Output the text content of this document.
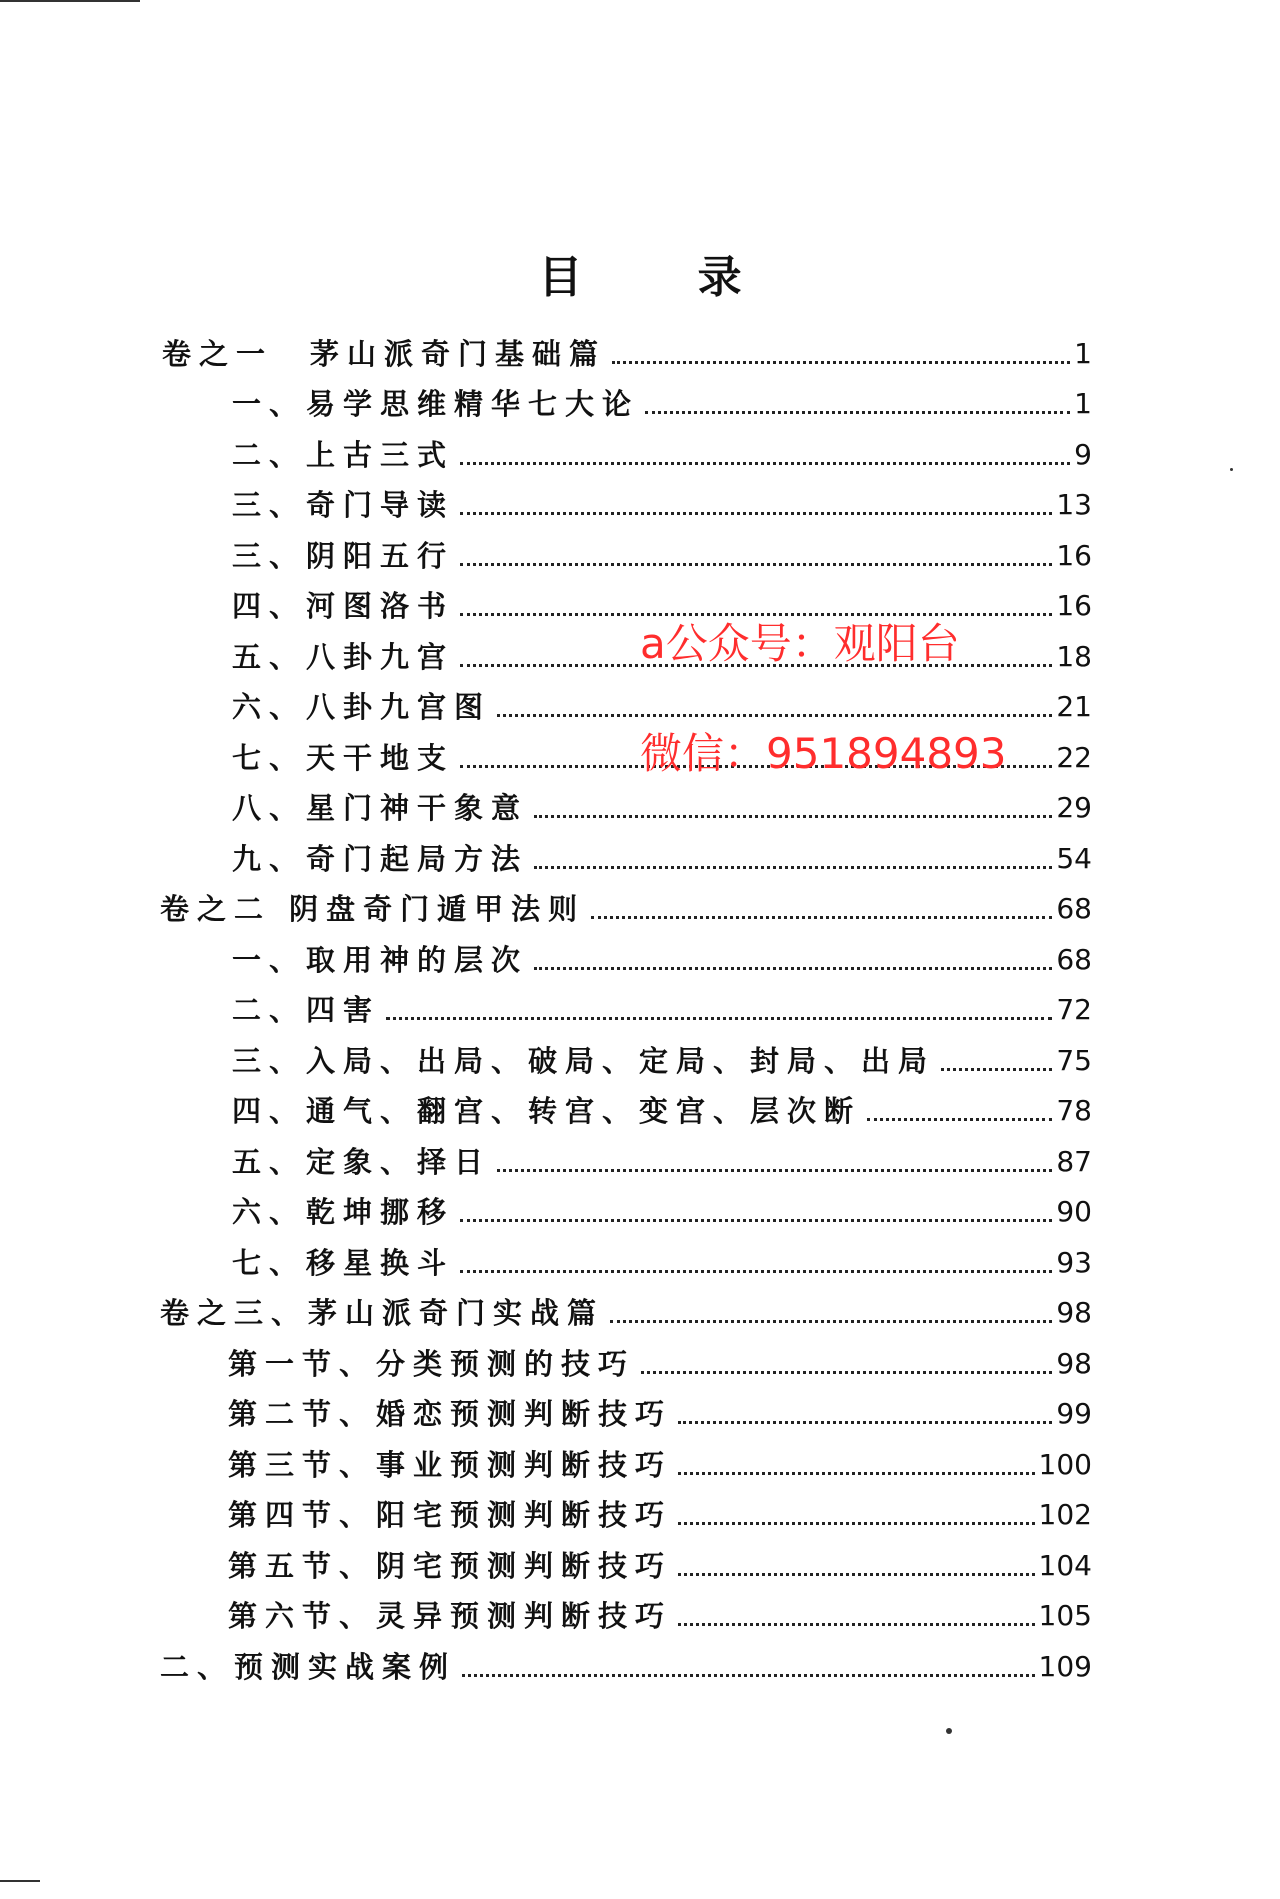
目 录
卷之一　茅山派奇门基础篇	1
一、易学思维精华七大论	1
二、上古三式	9
三、奇门导读	13
三、阴阳五行	16
四、河图洛书	16
五、八卦九宫	18
六、八卦九宫图	21
七、天干地支	22
八、星门神干象意	29
九、奇门起局方法	54
卷之二 阴盘奇门遁甲法则	68
一、取用神的层次	68
二、四害	72
三、入局、出局、破局、定局、封局、出局	75
四、通气、翻宫、转宫、变宫、层次断	78
五、定象、择日	87
六、乾坤挪移	90
七、移星换斗	93
卷之三、茅山派奇门实战篇	98
第一节、分类预测的技巧	98
第二节、婚恋预测判断技巧	99
第三节、事业预测判断技巧	100
第四节、阳宅预测判断技巧	102
第五节、阴宅预测判断技巧	104
第六节、灵异预测判断技巧	105
二、预测实战案例	109
a公众号：观阳台
微信：951894893
